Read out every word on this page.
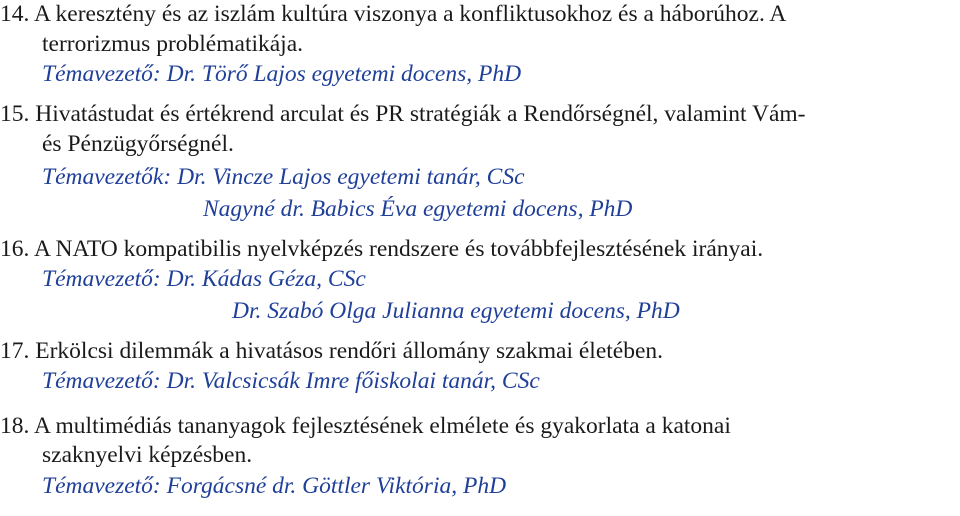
14. A keresztény és az iszlám kultúra viszonya a konfliktusokhoz és a háborúhoz. A
terrorizmus problématikája.
Témavezető: Dr. Törő Lajos egyetemi docens, PhD
15. Hivatástudat és értékrend arculat és PR stratégiák a Rendőrségnél, valamint Vám-
és Pénzügyőrségnél.
Témavezetők: Dr. Vincze Lajos egyetemi tanár, CSc
Nagyné dr. Babics Éva egyetemi docens, PhD
16. A NATO kompatibilis nyelvképzés rendszere és továbbfejlesztésének irányai.
Témavezető: Dr. Kádas Géza, CSc
Dr. Szabó Olga Julianna egyetemi docens, PhD
17. Erkölcsi dilemmák a hivatásos rendőri állomány szakmai életében.
Témavezető: Dr. Valcsicsák Imre főiskolai tanár, CSc
18. A multimédiás tananyagok fejlesztésének elmélete és gyakorlata a katonai
szaknyelvi képzésben.
Témavezető: Forgácsné dr. Göttler Viktória, PhD
